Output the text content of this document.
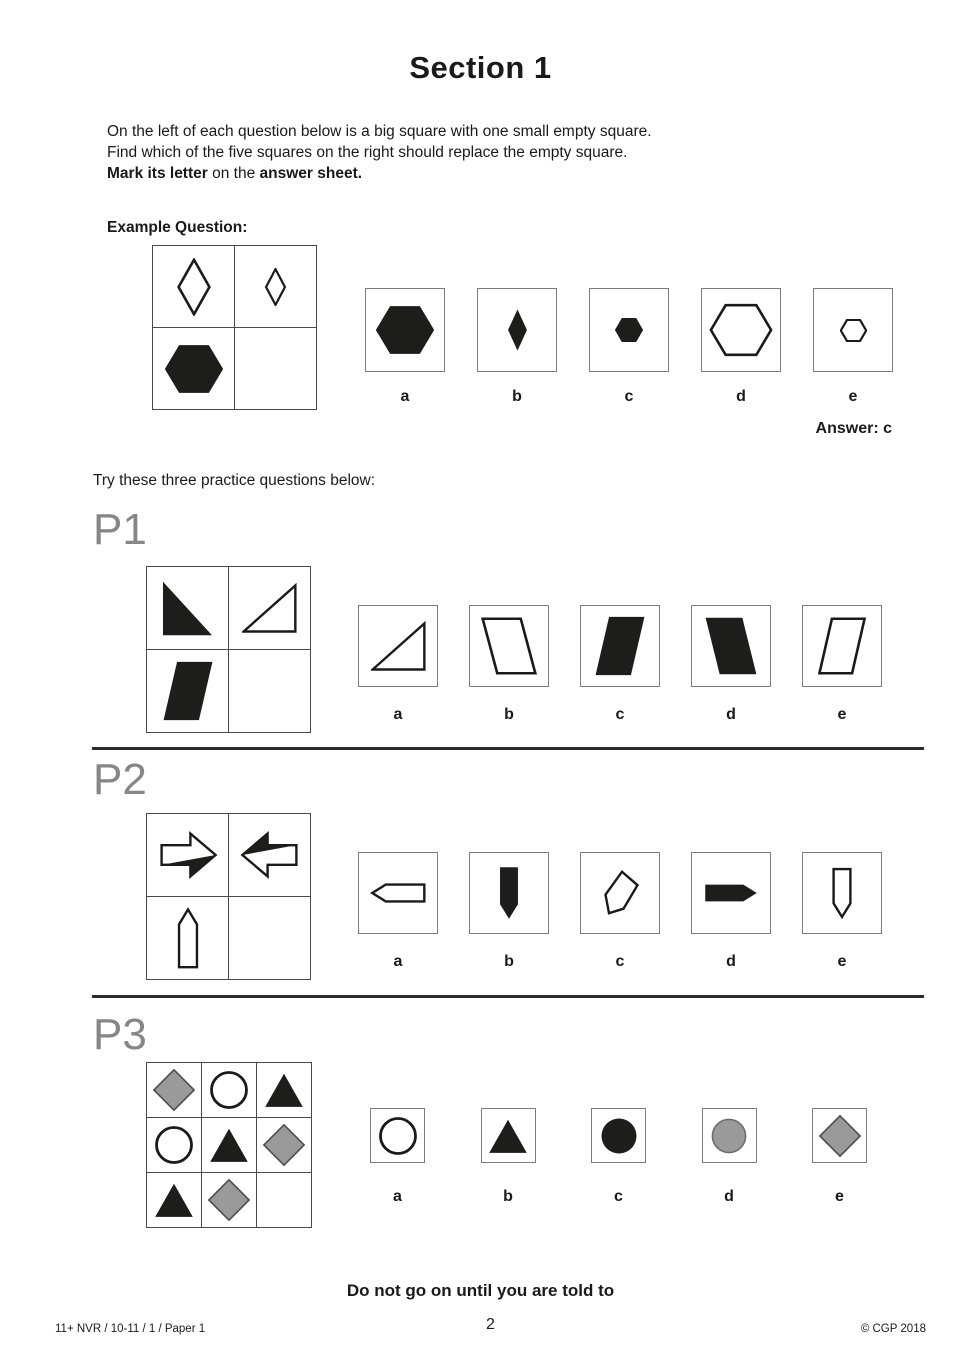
Section 1
On the left of each question below is a big square with one small empty square.
Find which of the five squares on the right should replace the empty square.
Mark its letter on the answer sheet.
Example Question:
a	b	c	d	e
Answer: c
Try these three practice questions below:
P1
a	b	c	d	e
P2
a	b	c	d	e
P3
a	b	c	d	e
Do not go on until you are told to
11+ NVR / 10-11 / 1 / Paper 1	2	© CGP 2018
